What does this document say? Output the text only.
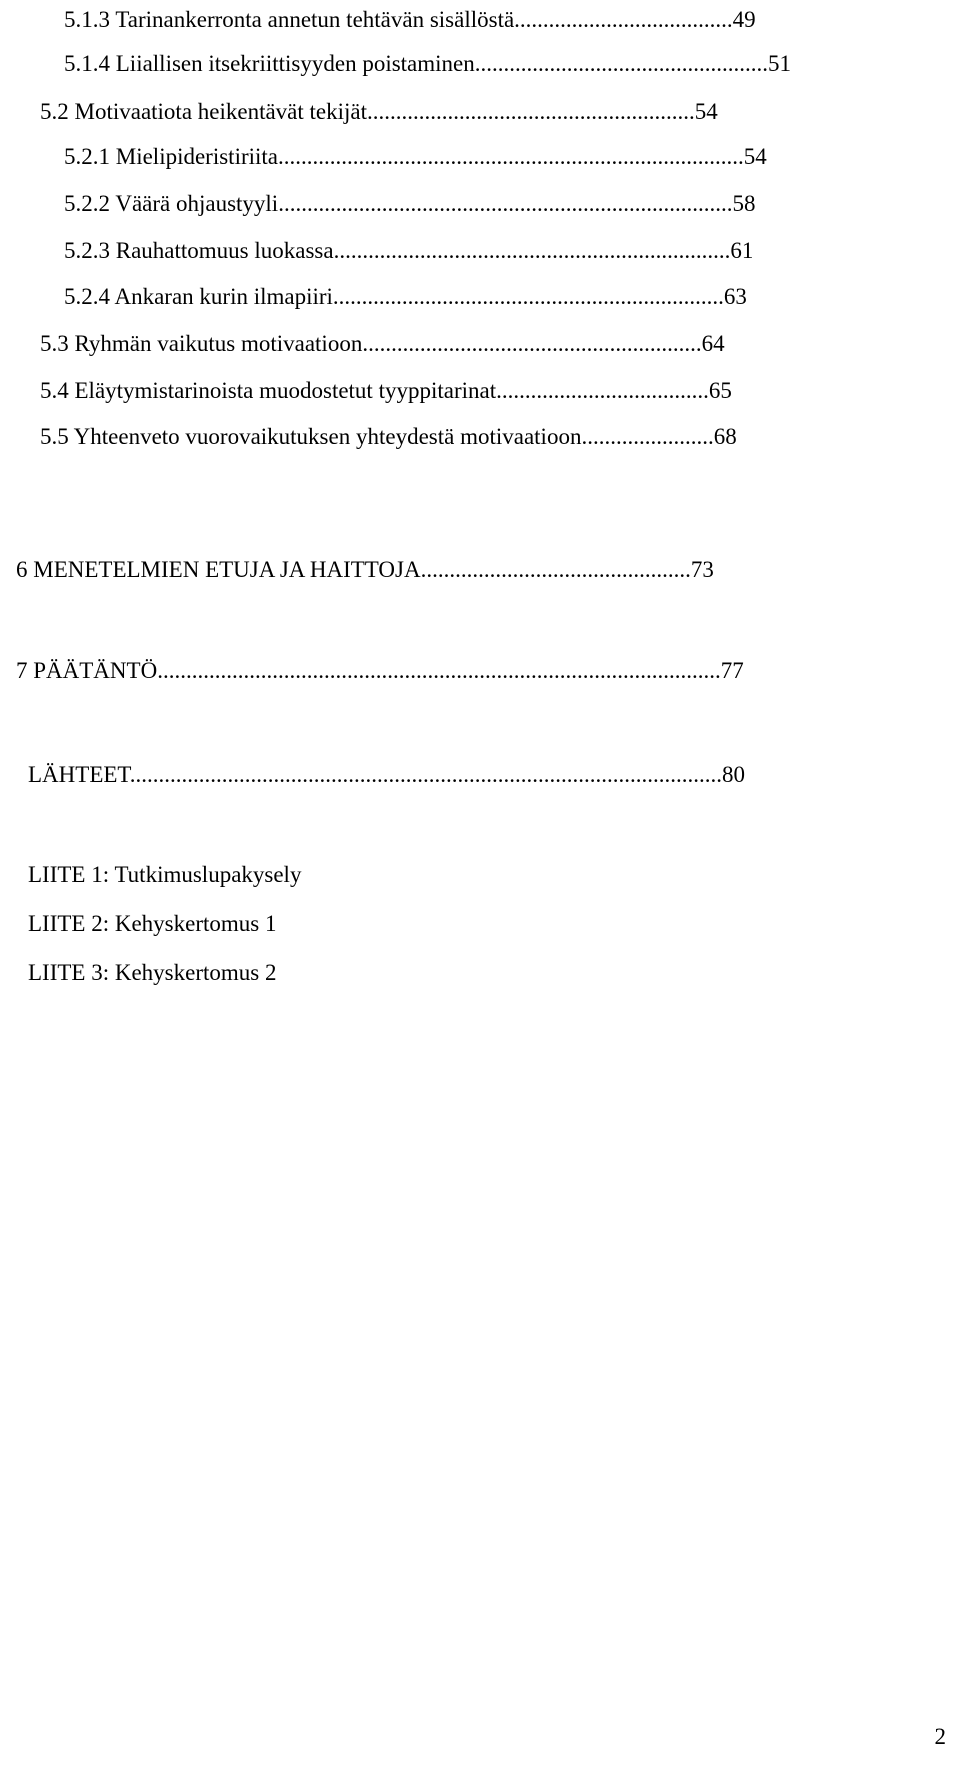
5.1.3 Tarinankerronta annetun tehtävän sisällöstä......................................49
5.1.4 Liiallisen itsekriittisyyden poistaminen...................................................51
5.2 Motivaatiota heikentävät tekijät.........................................................54
5.2.1 Mielipideristiriita.................................................................................54
5.2.2 Väärä ohjaustyyli...............................................................................58
5.2.3 Rauhattomuus luokassa.....................................................................61
5.2.4 Ankaran kurin ilmapiiri....................................................................63
5.3 Ryhmän vaikutus motivaatioon...........................................................64
5.4 Eläytymistarinoista muodostetut tyyppitarinat.....................................65
5.5 Yhteenveto vuorovaikutuksen yhteydestä motivaatioon.......................68
6 MENETELMIEN ETUJA JA HAITTOJA...............................................73
7 PÄÄTÄNTÖ..................................................................................................77
LÄHTEET.......................................................................................................80
LIITE 1: Tutkimuslupakysely
LIITE 2: Kehyskertomus 1
LIITE 3: Kehyskertomus 2
2
